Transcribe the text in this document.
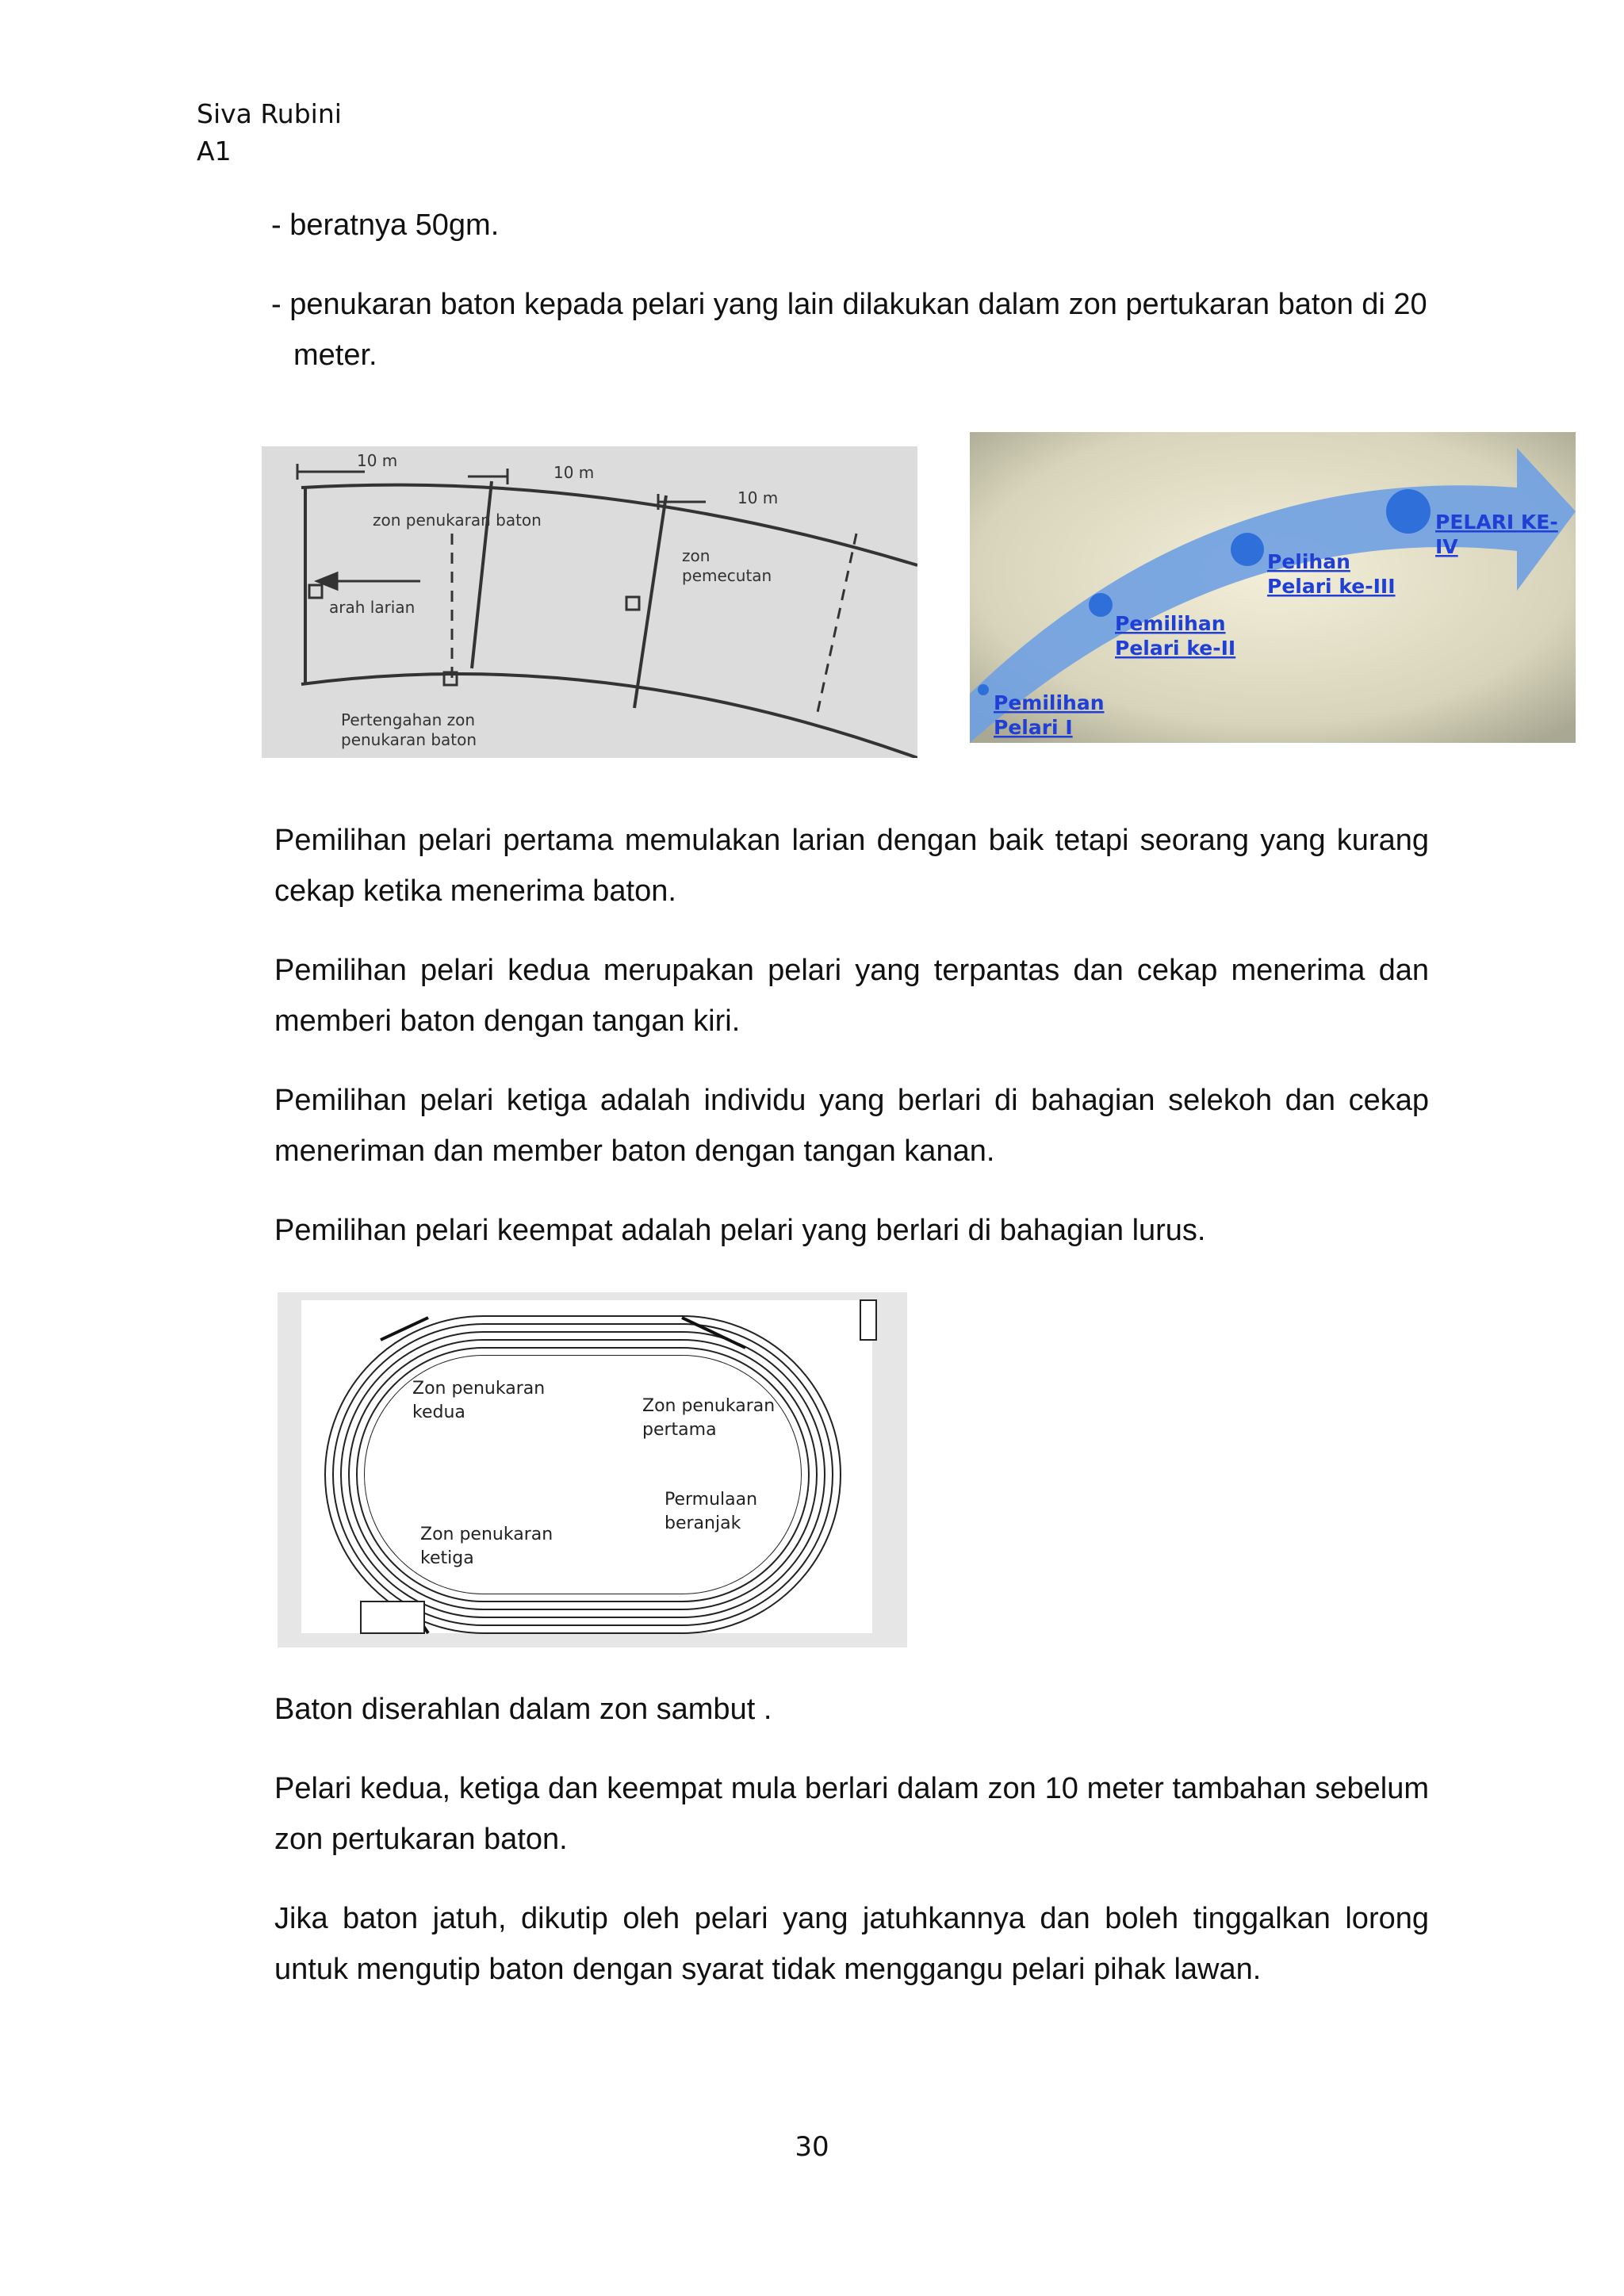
Siva Rubini
A1

- beratnya 50gm.

- penukaran baton kepada pelari yang lain dilakukan dalam zon pertukaran baton di 20
meter.

10 m
10 m
10 m
zon penukaran baton
zon
pemecutan
arah larian
Pertengahan zon
penukaran baton
Pemilihan
Pelari I
Pemilihan
Pelari ke-II
Pelihan
Pelari ke-III
PELARI KE-
IV

Pemilihan pelari pertama memulakan larian dengan baik tetapi seorang yang kurang cekap ketika menerima baton.

Pemilihan pelari kedua merupakan pelari yang terpantas dan cekap menerima dan memberi baton dengan tangan kiri.

Pemilihan pelari ketiga adalah individu yang berlari di bahagian selekoh dan cekap meneriman dan member baton dengan tangan kanan.

Pemilihan pelari keempat adalah pelari yang berlari di bahagian lurus.

Zon penukaran
kedua	Zon penukaran
pertama
Permulaan
beranjak
Zon penukaran
ketiga

Baton diserahlan dalam zon sambut .

Pelari kedua, ketiga dan keempat mula berlari dalam zon 10 meter tambahan sebelum zon pertukaran baton.

Jika baton jatuh, dikutip oleh pelari yang jatuhkannya dan boleh tinggalkan lorong untuk mengutip baton dengan syarat tidak menggangu pelari pihak lawan.

30
